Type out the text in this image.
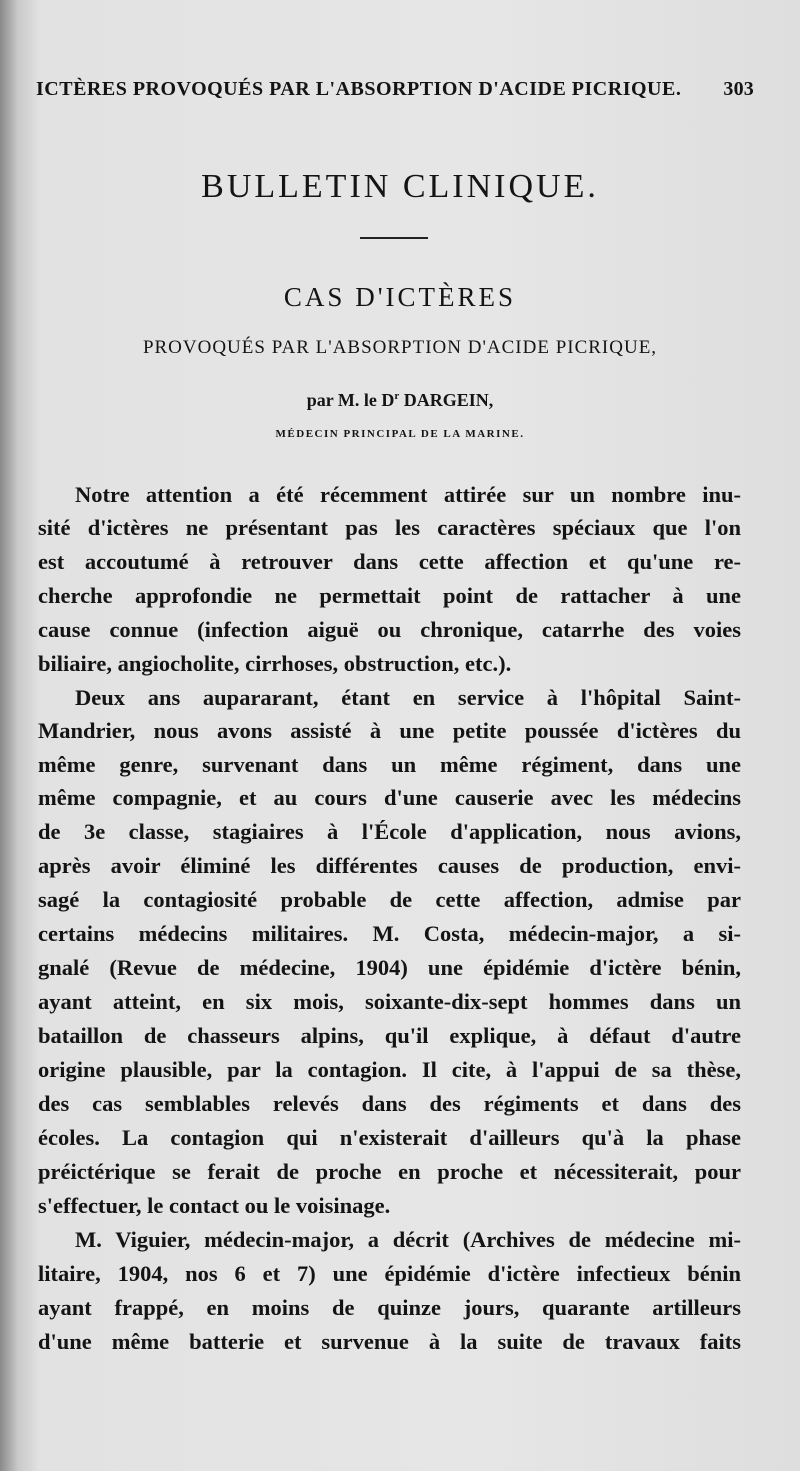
ICTÈRES PROVOQUÉS PAR L'ABSORPTION D'ACIDE PICRIQUE. 303
BULLETIN CLINIQUE.
CAS D'ICTÈRES
PROVOQUÉS PAR L'ABSORPTION D'ACIDE PICRIQUE,
par M. le $D^r$ DARGEIN,
MÉDECIN PRINCIPAL DE LA MARINE.
Notre attention a été récemment attirée sur un nombre inu-
sité d'ictères ne présentant pas les caractères spéciaux que l'on
est accoutumé à retrouver dans cette affection et qu'une re-
cherche approfondie ne permettait point de rattacher à une
cause connue (infection aiguë ou chronique, catarrhe des voies
biliaire, angiocholite, cirrhoses, obstruction, etc.).
Deux ans aupararant, étant en service à l'hôpital Saint-
Mandrier, nous avons assisté à une petite poussée d'ictères du
même genre, survenant dans un même régiment, dans une
même compagnie, et au cours d'une causerie avec les médecins
de 3e classe, stagiaires à l'École d'application, nous avions,
après avoir éliminé les différentes causes de production, envi-
sagé la contagiosité probable de cette affection, admise par
certains médecins militaires. M. Costa, médecin-major, a si-
gnalé (Revue de médecine, 1904) une épidémie d'ictère bénin,
ayant atteint, en six mois, soixante-dix-sept hommes dans un
bataillon de chasseurs alpins, qu'il explique, à défaut d'autre
origine plausible, par la contagion. Il cite, à l'appui de sa thèse,
des cas semblables relevés dans des régiments et dans des
écoles. La contagion qui n'existerait d'ailleurs qu'à la phase
préictérique se ferait de proche en proche et nécessiterait, pour
s'effectuer, le contact ou le voisinage.
M. Viguier, médecin-major, a décrit (Archives de médecine mi-
litaire, 1904, nos 6 et 7) une épidémie d'ictère infectieux bénin
ayant frappé, en moins de quinze jours, quarante artilleurs
d'une même batterie et survenue à la suite de travaux faits
